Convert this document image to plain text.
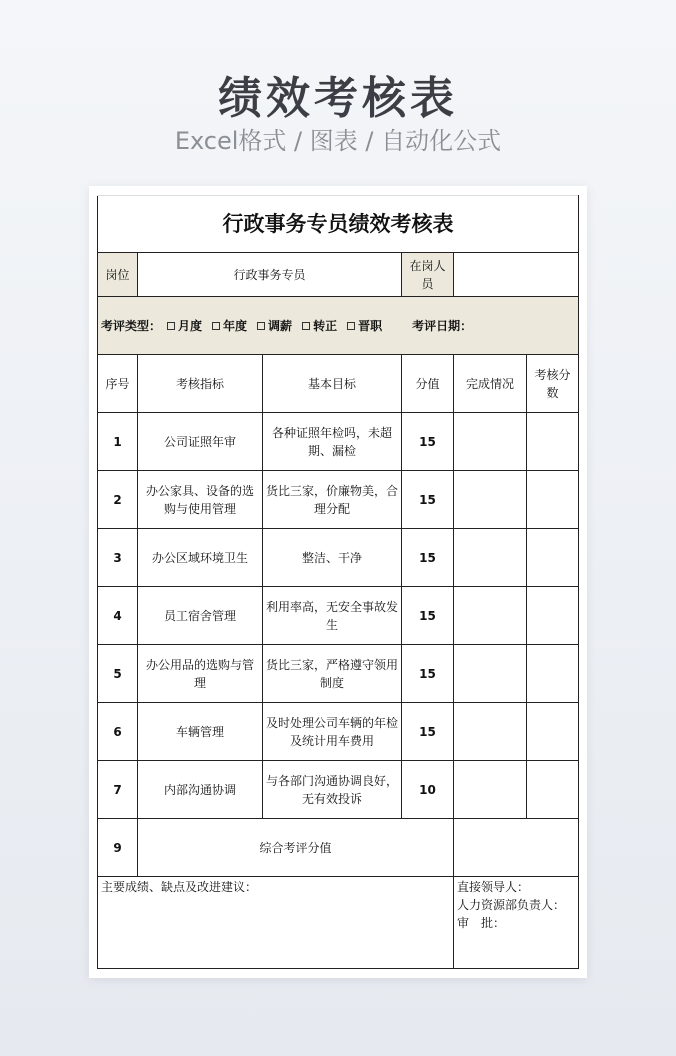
绩效考核表
Excel格式 / 图表 / 自动化公式
行政事务专员绩效考核表					
岗位	行政事务专员		在岗人员		
考评类型： 月度 年度 调薪 转正 晋职 考评日期：					
序号	考核指标	基本目标	分值	完成情况	考核分数
1	公司证照年审	各种证照年检吗，未超期、漏检	15		
2	办公家具、设备的选购与使用管理	货比三家，价廉物美，合理分配	15		
3	办公区域环境卫生	整洁、干净	15		
4	员工宿舍管理	利用率高，无安全事故发生	15		
5	办公用品的选购与管理	货比三家，严格遵守领用制度	15		
6	车辆管理	及时处理公司车辆的年检及统计用车费用	15		
7	内部沟通协调	与各部门沟通协调良好，无有效投诉	10		
9	综合考评分值				
主要成绩、缺点及改进建议：				直接领导人：
人力资源部负责人：
审　批：	
